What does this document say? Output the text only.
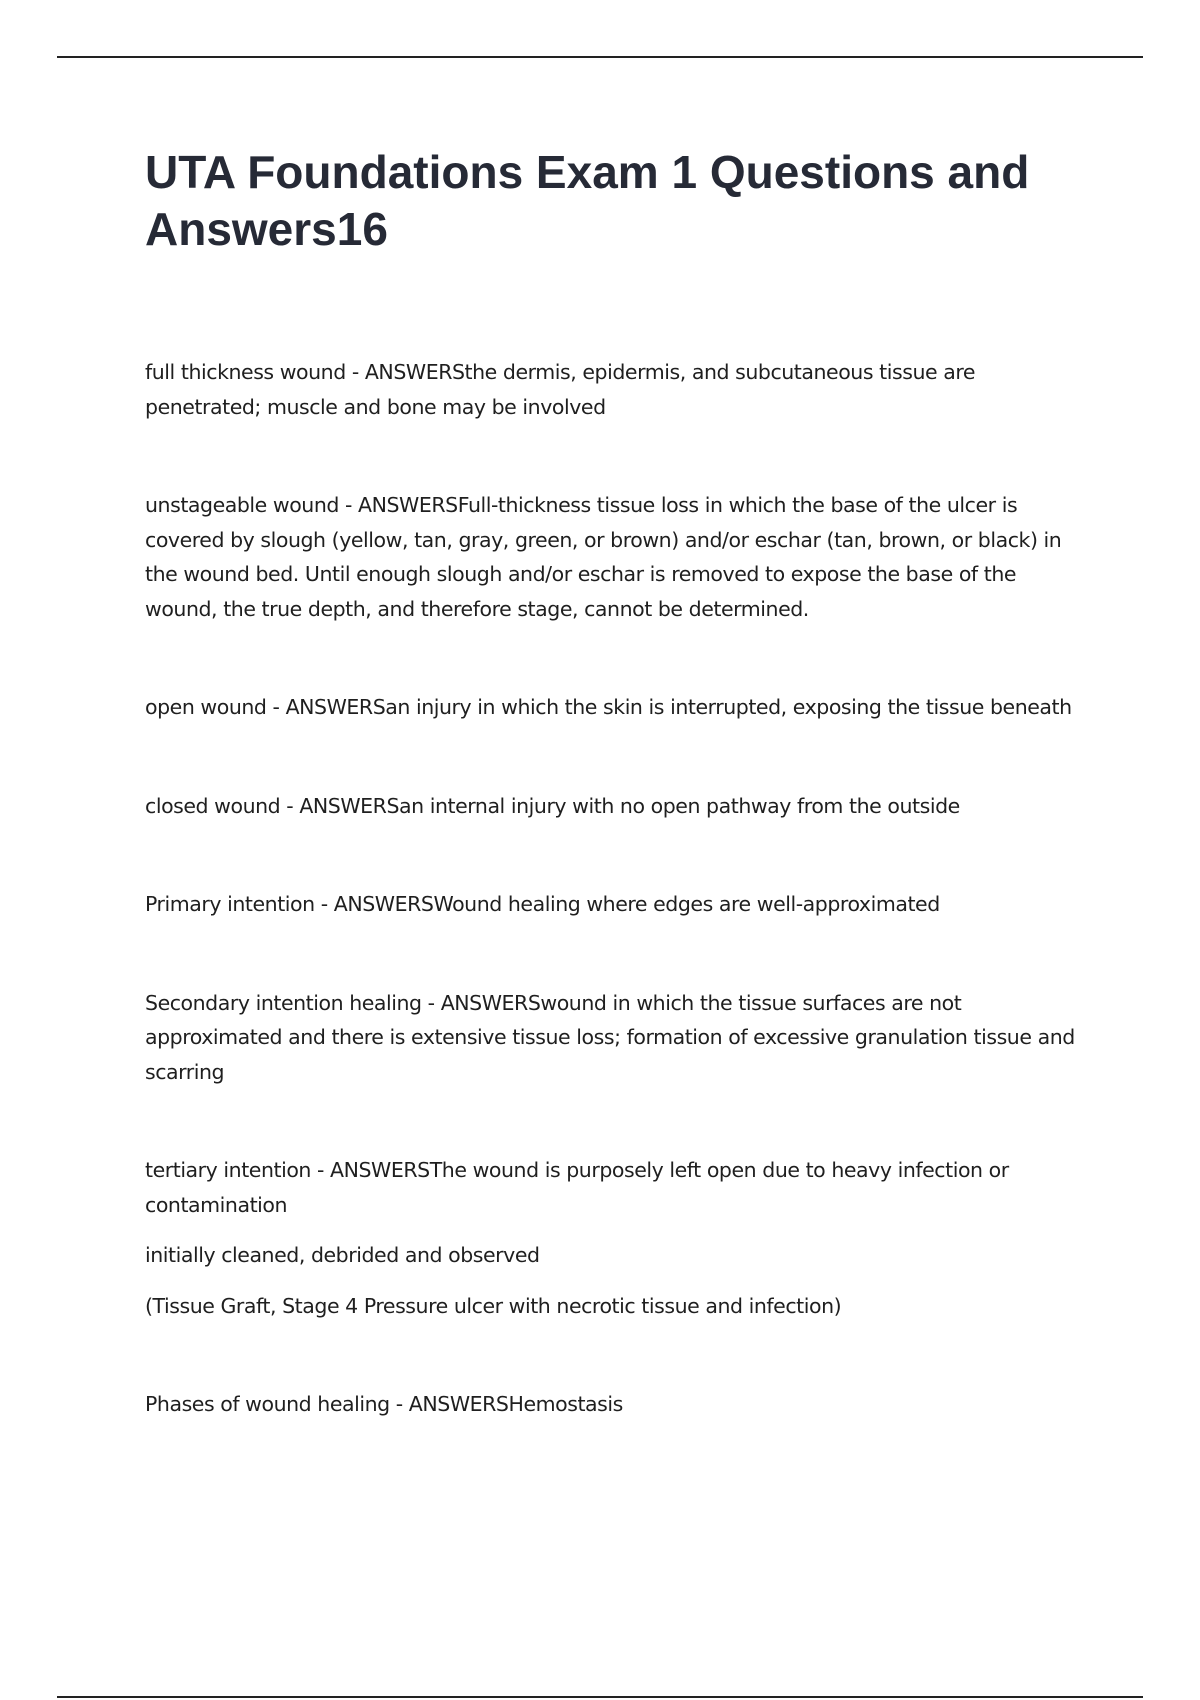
UTA Foundations Exam 1 Questions and Answers16

full thickness wound - ANSWERSthe dermis, epidermis, and subcutaneous tissue are penetrated; muscle and bone may be involved

unstageable wound - ANSWERSFull-thickness tissue loss in which the base of the ulcer is covered by slough (yellow, tan, gray, green, or brown) and/or eschar (tan, brown, or black) in the wound bed. Until enough slough and/or eschar is removed to expose the base of the wound, the true depth, and therefore stage, cannot be determined.

open wound - ANSWERSan injury in which the skin is interrupted, exposing the tissue beneath

closed wound - ANSWERSan internal injury with no open pathway from the outside

Primary intention - ANSWERSWound healing where edges are well-approximated

Secondary intention healing - ANSWERSwound in which the tissue surfaces are not approximated and there is extensive tissue loss; formation of excessive granulation tissue and scarring

tertiary intention - ANSWERSThe wound is purposely left open due to heavy infection or contamination
initially cleaned, debrided and observed
(Tissue Graft, Stage 4 Pressure ulcer with necrotic tissue and infection)

Phases of wound healing - ANSWERSHemostasis
